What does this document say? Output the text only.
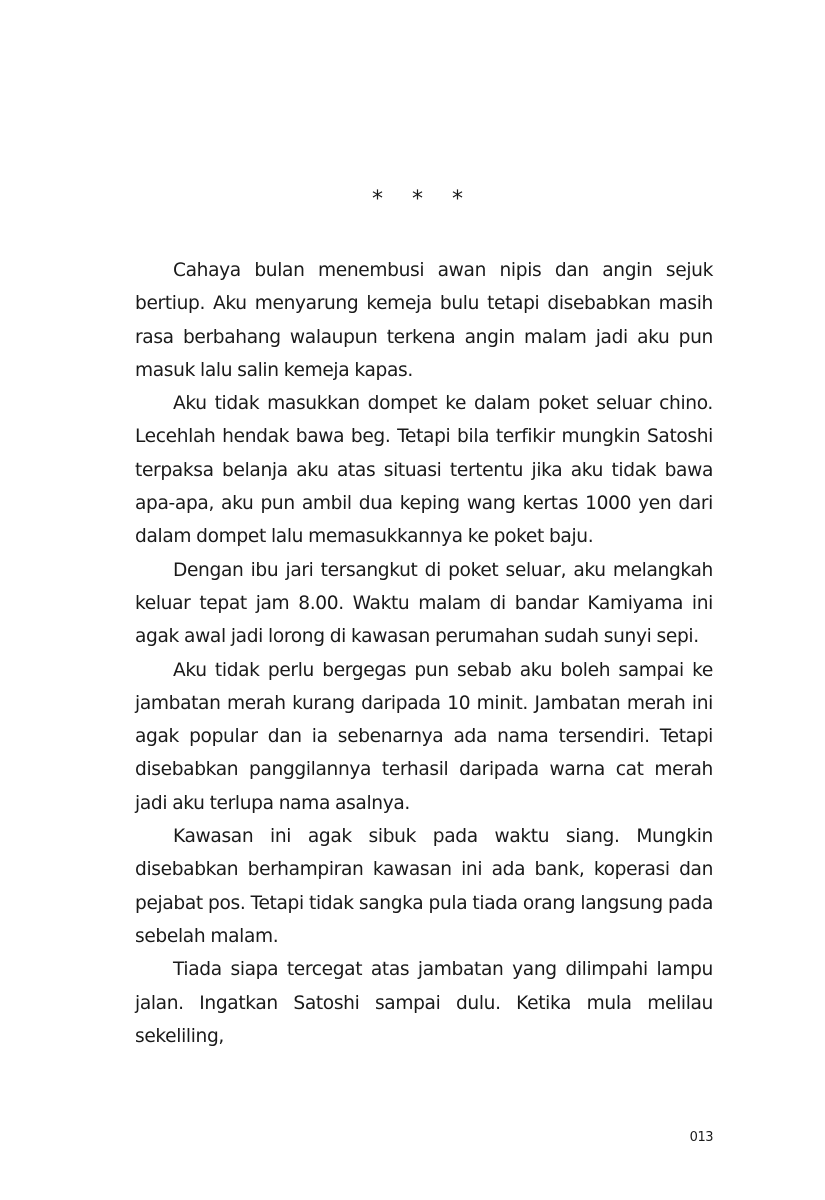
* * *

Cahaya bulan menembusi awan nipis dan angin sejuk bertiup. Aku menyarung kemeja bulu tetapi disebabkan masih rasa berbahang walaupun terkena angin malam jadi aku pun masuk lalu salin kemeja kapas.

Aku tidak masukkan dompet ke dalam poket seluar chino. Lecehlah hendak bawa beg. Tetapi bila terfikir mungkin Satoshi terpaksa belanja aku atas situasi tertentu jika aku tidak bawa apa-apa, aku pun ambil dua keping wang kertas 1000 yen dari dalam dompet lalu memasukkannya ke poket baju.

Dengan ibu jari tersangkut di poket seluar, aku melangkah keluar tepat jam 8.00. Waktu malam di bandar Kamiyama ini agak awal jadi lorong di kawasan perumahan sudah sunyi sepi.

Aku tidak perlu bergegas pun sebab aku boleh sampai ke jambatan merah kurang daripada 10 minit. Jambatan merah ini agak popular dan ia sebenarnya ada nama tersendiri. Tetapi disebabkan panggilannya terhasil daripada warna cat merah jadi aku terlupa nama asalnya.

Kawasan ini agak sibuk pada waktu siang. Mungkin disebabkan berhampiran kawasan ini ada bank, koperasi dan pejabat pos. Tetapi tidak sangka pula tiada orang langsung pada sebelah malam.

Tiada siapa tercegat atas jambatan yang dilimpahi lampu jalan. Ingatkan Satoshi sampai dulu. Ketika mula melilau sekeliling,

013
